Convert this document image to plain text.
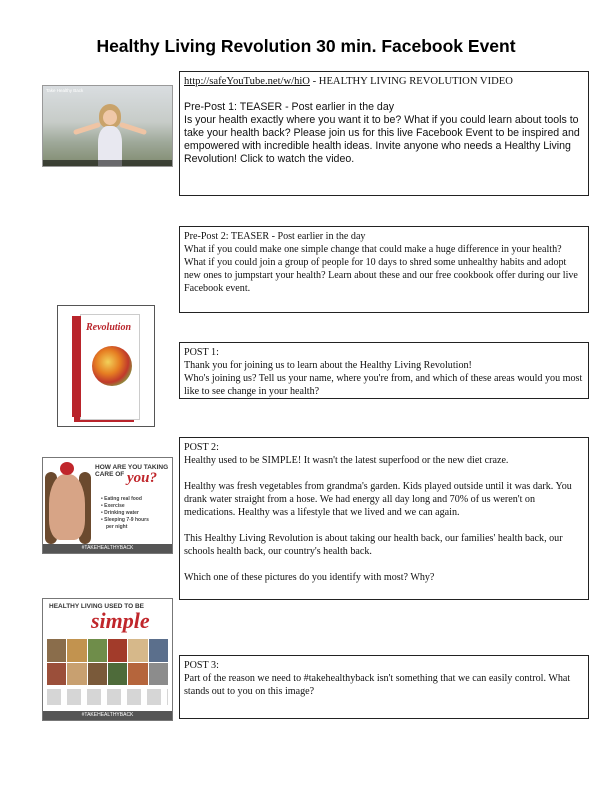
Healthy Living Revolution 30 min. Facebook Event
Take Healthy Back

http://safeYouTube.net/w/hiO - HEALTHY LIVING REVOLUTION VIDEO

Pre-Post 1: TEASER - Post earlier in the day

Is your health exactly where you want it to be? What if you could learn about tools to take your health back? Please join us for this live Facebook Event to be inspired and empowered with incredible health ideas. Invite anyone who needs a Healthy Living Revolution! Click to watch the video.

Pre-Post 2: TEASER - Post earlier in the day

What if you could make one simple change that could make a huge difference in your health? What if you could join a group of people for 10 days to shred some unhealthy habits and adopt new ones to jumpstart your health? Learn about these and our free cookbook offer during our live Facebook event.

Revolution

POST 1:

Thank you for joining us to learn about the Healthy Living Revolution!
Who's joining us? Tell us your name, where you're from, and which of these areas would you most like to see change in your health?

HOW ARE YOU TAKING
CARE OF you?
• Eating real food
• Exercise
• Drinking water
• Sleeping 7-9 hours
per night
#TAKEHEALTHYBACK

POST 2:

Healthy used to be SIMPLE! It wasn't the latest superfood or the new diet craze.

Healthy was fresh vegetables from grandma's garden. Kids played outside until it was dark. You drank water straight from a hose. We had energy all day long and 70% of us weren't on medications. Healthy was a lifestyle that we lived and we can again.

This Healthy Living Revolution is about taking our health back, our families' health back, our schools health back, our country's health back.

Which one of these pictures do you identify with most? Why?

HEALTHY LIVING USED TO BE
simple
#TAKEHEALTHYBACK

POST 3:

Part of the reason we need to #takehealthyback isn't something that we can easily control. What stands out to you on this image?
